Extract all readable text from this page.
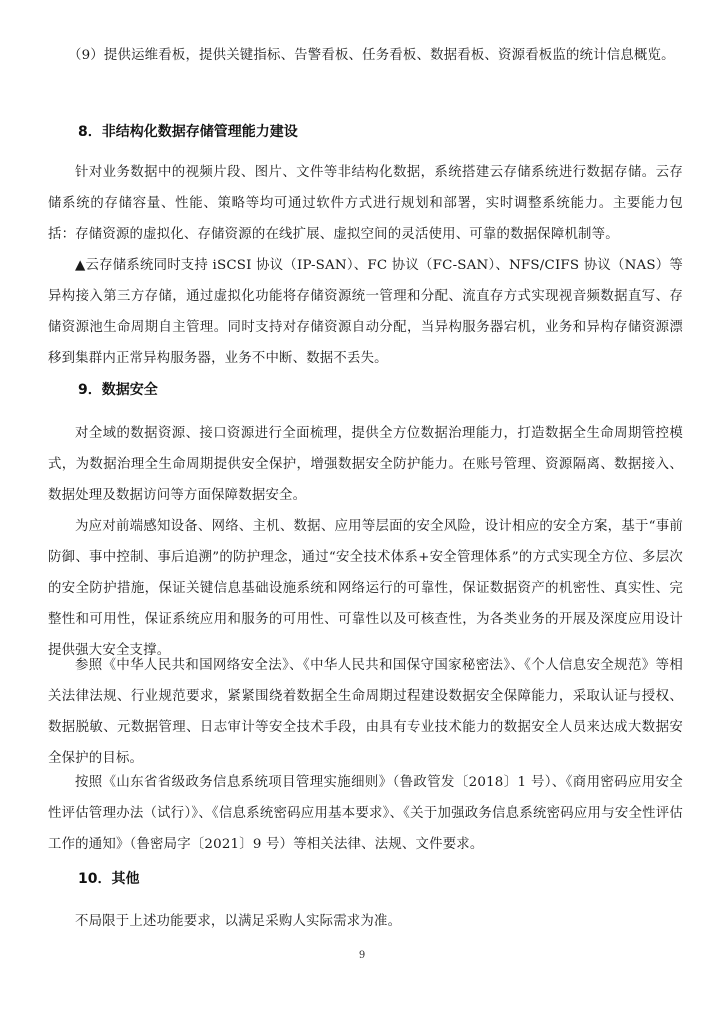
（9）提供运维看板，提供关键指标、告警看板、任务看板、数据看板、资源看板监的统计信息概览。
8．非结构化数据存储管理能力建设
针对业务数据中的视频片段、图片、文件等非结构化数据，系统搭建云存储系统进行数据存储。云存储系统的存储容量、性能、策略等均可通过软件方式进行规划和部署，实时调整系统能力。主要能力包括：存储资源的虚拟化、存储资源的在线扩展、虚拟空间的灵活使用、可靠的数据保障机制等。
▲云存储系统同时支持 iSCSI 协议（IP-SAN）、FC 协议（FC-SAN）、NFS/CIFS 协议（NAS）等异构接入第三方存储，通过虚拟化功能将存储资源统一管理和分配、流直存方式实现视音频数据直写、存储资源池生命周期自主管理。同时支持对存储资源自动分配，当异构服务器宕机，业务和异构存储资源漂移到集群内正常异构服务器，业务不中断、数据不丢失。
9．数据安全
对全域的数据资源、接口资源进行全面梳理，提供全方位数据治理能力，打造数据全生命周期管控模式，为数据治理全生命周期提供安全保护，增强数据安全防护能力。在账号管理、资源隔离、数据接入、数据处理及数据访问等方面保障数据安全。
为应对前端感知设备、网络、主机、数据、应用等层面的安全风险，设计相应的安全方案，基于“事前防御、事中控制、事后追溯”的防护理念，通过“安全技术体系+安全管理体系”的方式实现全方位、多层次的安全防护措施，保证关键信息基础设施系统和网络运行的可靠性，保证数据资产的机密性、真实性、完整性和可用性，保证系统应用和服务的可用性、可靠性以及可核查性，为各类业务的开展及深度应用设计提供强大安全支撑。
参照《中华人民共和国网络安全法》、《中华人民共和国保守国家秘密法》、《个人信息安全规范》等相关法律法规、行业规范要求，紧紧围绕着数据全生命周期过程建设数据安全保障能力，采取认证与授权、数据脱敏、元数据管理、日志审计等安全技术手段，由具有专业技术能力的数据安全人员来达成大数据安全保护的目标。
按照《山东省省级政务信息系统项目管理实施细则》（鲁政管发〔2018〕1 号）、《商用密码应用安全性评估管理办法（试行）》、《信息系统密码应用基本要求》、《关于加强政务信息系统密码应用与安全性评估工作的通知》（鲁密局字〔2021〕9 号）等相关法律、法规、文件要求。
10．其他
不局限于上述功能要求，以满足采购人实际需求为准。
9
